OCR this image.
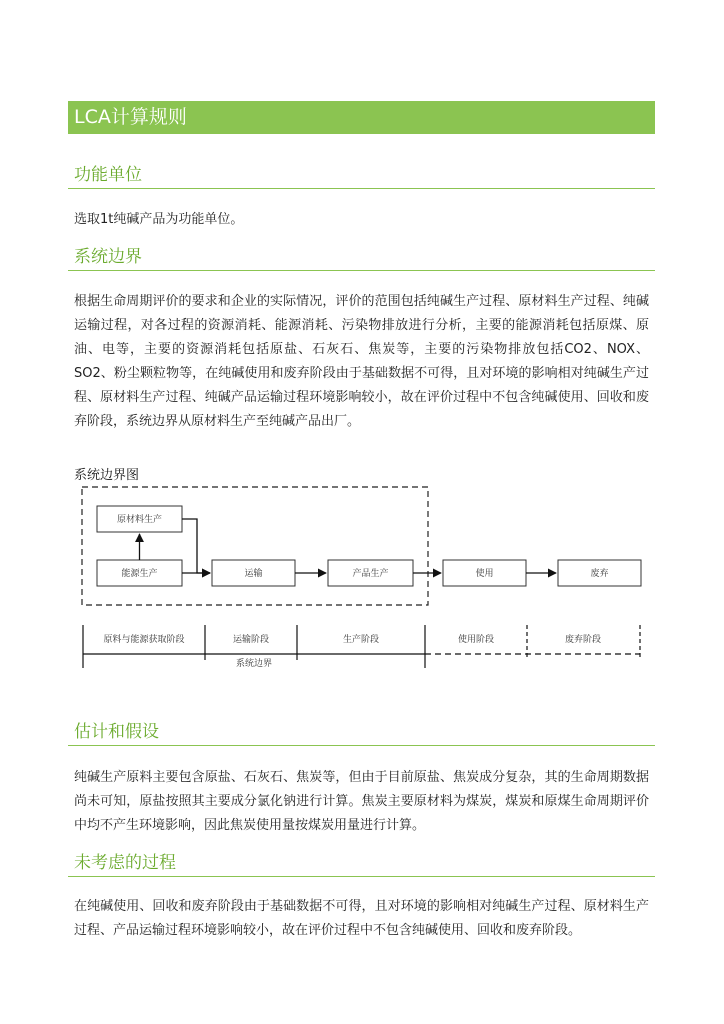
LCA计算规则
功能单位
选取1t纯碱产品为功能单位。
系统边界
根据生命周期评价的要求和企业的实际情况，评价的范围包括纯碱生产过程、原材料生产过程、纯碱运输过程，对各过程的资源消耗、能源消耗、污染物排放进行分析，主要的能源消耗包括原煤、原油、电等，主要的资源消耗包括原盐、石灰石、焦炭等，主要的污染物排放包括CO2、NOX、SO2、粉尘颗粒物等，在纯碱使用和废弃阶段由于基础数据不可得，且对环境的影响相对纯碱生产过程、原材料生产过程、纯碱产品运输过程环境影响较小，故在评价过程中不包含纯碱使用、回收和废弃阶段，系统边界从原材料生产至纯碱产品出厂。
系统边界图
原材料生产
能源生产	运输	产品生产	使用	废弃
原料与能源获取阶段	运输阶段	生产阶段	使用阶段	废弃阶段
系统边界
估计和假设
纯碱生产原料主要包含原盐、石灰石、焦炭等，但由于目前原盐、焦炭成分复杂，其的生命周期数据尚未可知，原盐按照其主要成分氯化钠进行计算。焦炭主要原材料为煤炭，煤炭和原煤生命周期评价中均不产生环境影响，因此焦炭使用量按煤炭用量进行计算。
未考虑的过程
在纯碱使用、回收和废弃阶段由于基础数据不可得，且对环境的影响相对纯碱生产过程、原材料生产过程、产品运输过程环境影响较小，故在评价过程中不包含纯碱使用、回收和废弃阶段。
